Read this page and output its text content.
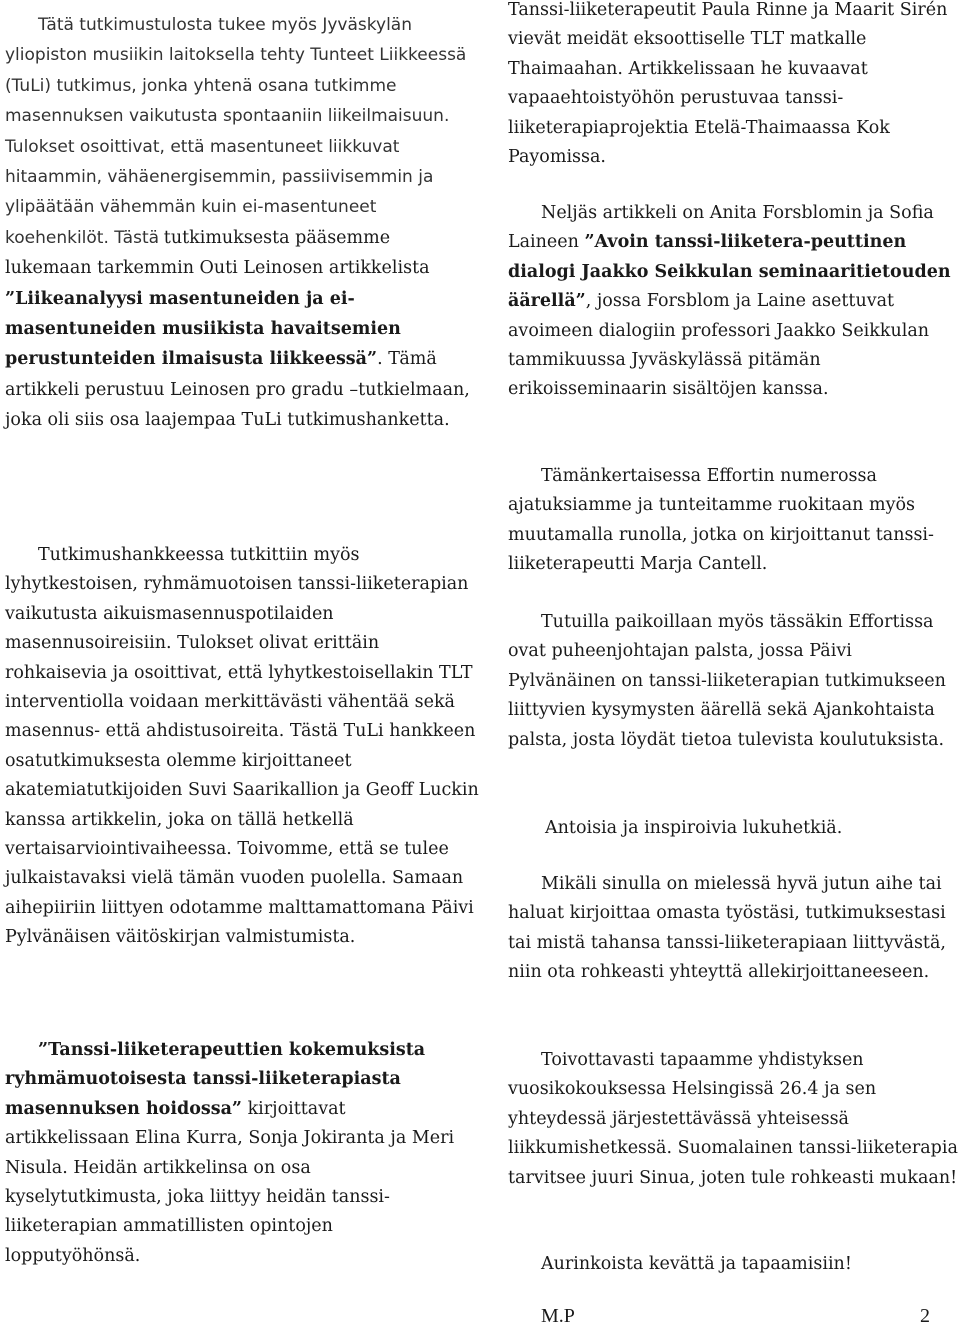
Tätä tutkimustulosta tukee myös Jyväskylän yliopiston musiikin laitoksella tehty Tunteet Liikkeessä (TuLi) tutkimus, jonka yhtenä osana tutkimme masennuksen vaikutusta spontaaniin liikeilmaisuun. Tulokset osoittivat, että masentuneet liikkuvat hitaammin, vähäenergisemmin, passiivisemmin ja ylipäätään vähemmän kuin ei-masentuneet koehenkilöt. Tästä tutkimuksesta pääsemme lukemaan tarkemmin Outi Leinosen artikkelista ”Liikeanalyysi masentuneiden ja ei-masentuneiden musiikista havaitsemien perustunteiden ilmaisusta liikkeessä”. Tämä artikkeli perustuu Leinosen pro gradu –tutkielmaan, joka oli siis osa laajempaa TuLi tutkimushanketta.

Tutkimushankkeessa tutkittiin myös lyhytkestoisen, ryhmämuotoisen tanssi-liiketerapian vaikutusta aikuismasennuspotilaiden masennusoireisiin. Tulokset olivat erittäin rohkaisevia ja osoittivat, että lyhytkestoisellakin TLT interventiolla voidaan merkittävästi vähentää sekä masennus- että ahdistusoireita. Tästä TuLi hankkeen osatutkimuksesta olemme kirjoittaneet akatemiatutkijoiden Suvi Saarikallion ja Geoff Luckin kanssa artikkelin, joka on tällä hetkellä vertaisarviointivaiheessa. Toivomme, että se tulee julkaistavaksi vielä tämän vuoden puolella. Samaan aihepiiriin liittyen odotamme malttamattomana Päivi Pylvänäisen väitöskirjan valmistumista.

”Tanssi-liiketerapeuttien kokemuksista ryhmämuotoisesta tanssi-liiketerapiasta masennuksen hoidossa” kirjoittavat artikkelissaan Elina Kurra, Sonja Jokiranta ja Meri Nisula. Heidän artikkelinsa on osa kyselytutkimusta, joka liittyy heidän tanssi-liiketerapian ammatillisten opintojen lopputyöhönsä.

Tanssi-liiketerapeutit Paula Rinne ja Maarit Sirén vievät meidät eksoottiselle TLT matkalle Thaimaahan. Artikkelissaan he kuvaavat vapaaehtoistyöhön perustuvaa tanssi-liiketerapiaprojektia Etelä-Thaimaassa Kok Payomissa.

Neljäs artikkeli on Anita Forsblomin ja Sofia Laineen ”Avoin tanssi-liiketera-peuttinen dialogi Jaakko Seikkulan seminaaritietouden äärellä”, jossa Forsblom ja Laine asettuvat avoimeen dialogiin professori Jaakko Seikkulan tammikuussa Jyväskylässä pitämän erikoisseminaarin sisältöjen kanssa.

Tämänkertaisessa Effortin numerossa ajatuksiamme ja tunteitamme ruokitaan myös muutamalla runolla, jotka on kirjoittanut tanssi-liiketerapeutti Marja Cantell.

Tutuilla paikoillaan myös tässäkin Effortissa ovat puheenjohtajan palsta, jossa Päivi Pylvänäinen on tanssi-liiketerapian tutkimukseen liittyvien kysymysten äärellä sekä Ajankohtaista palsta, josta löydät tietoa tulevista koulutuksista.

Antoisia ja inspiroivia lukuhetkiä.

Mikäli sinulla on mielessä hyvä jutun aihe tai haluat kirjoittaa omasta työstäsi, tutkimuksestasi tai mistä tahansa tanssi-liiketerapiaan liittyvästä, niin ota rohkeasti yhteyttä allekirjoittaneeseen.

Toivottavasti tapaamme yhdistyksen vuosikokouksessa Helsingissä 26.4 ja sen yhteydessä järjestettävässä yhteisessä liikkumishetkessä. Suomalainen tanssi-liiketerapia tarvitsee juuri Sinua, joten tule rohkeasti mukaan!

Aurinkoista kevättä ja tapaamisiin!

M.P	2
